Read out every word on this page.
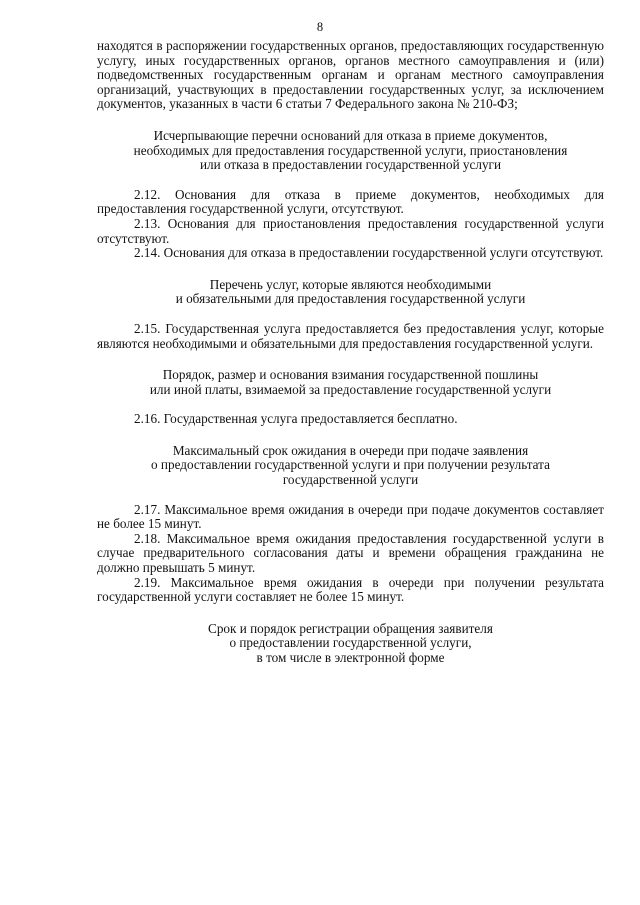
8

находятся в распоряжении государственных органов, предоставляющих государственную услугу, иных государственных органов, органов местного самоуправления и (или) подведомственных государственным органам и органам местного самоуправления организаций, участвующих в предоставлении государственных услуг, за исключением документов, указанных в части 6 статьи 7 Федерального закона № 210-ФЗ;

Исчерпывающие перечни оснований для отказа в приеме документов,
необходимых для предоставления государственной услуги, приостановления
или отказа в предоставлении государственной услуги

2.12. Основания для отказа в приеме документов, необходимых для предоставления государственной услуги, отсутствуют.

2.13. Основания для приостановления предоставления государственной услуги отсутствуют.

2.14. Основания для отказа в предоставлении государственной услуги отсутствуют.

Перечень услуг, которые являются необходимыми
и обязательными для предоставления государственной услуги

2.15. Государственная услуга предоставляется без предоставления услуг, которые являются необходимыми и обязательными для предоставления государственной услуги.

Порядок, размер и основания взимания государственной пошлины
или иной платы, взимаемой за предоставление государственной услуги

2.16. Государственная услуга предоставляется бесплатно.

Максимальный срок ожидания в очереди при подаче заявления
о предоставлении государственной услуги и при получении результата
государственной услуги

2.17. Максимальное время ожидания в очереди при подаче документов составляет не более 15 минут.

2.18. Максимальное время ожидания предоставления государственной услуги в случае предварительного согласования даты и времени обращения гражданина не должно превышать 5 минут.

2.19. Максимальное время ожидания в очереди при получении результата государственной услуги составляет не более 15 минут.

Срок и порядок регистрации обращения заявителя
о предоставлении государственной услуги,
в том числе в электронной форме
